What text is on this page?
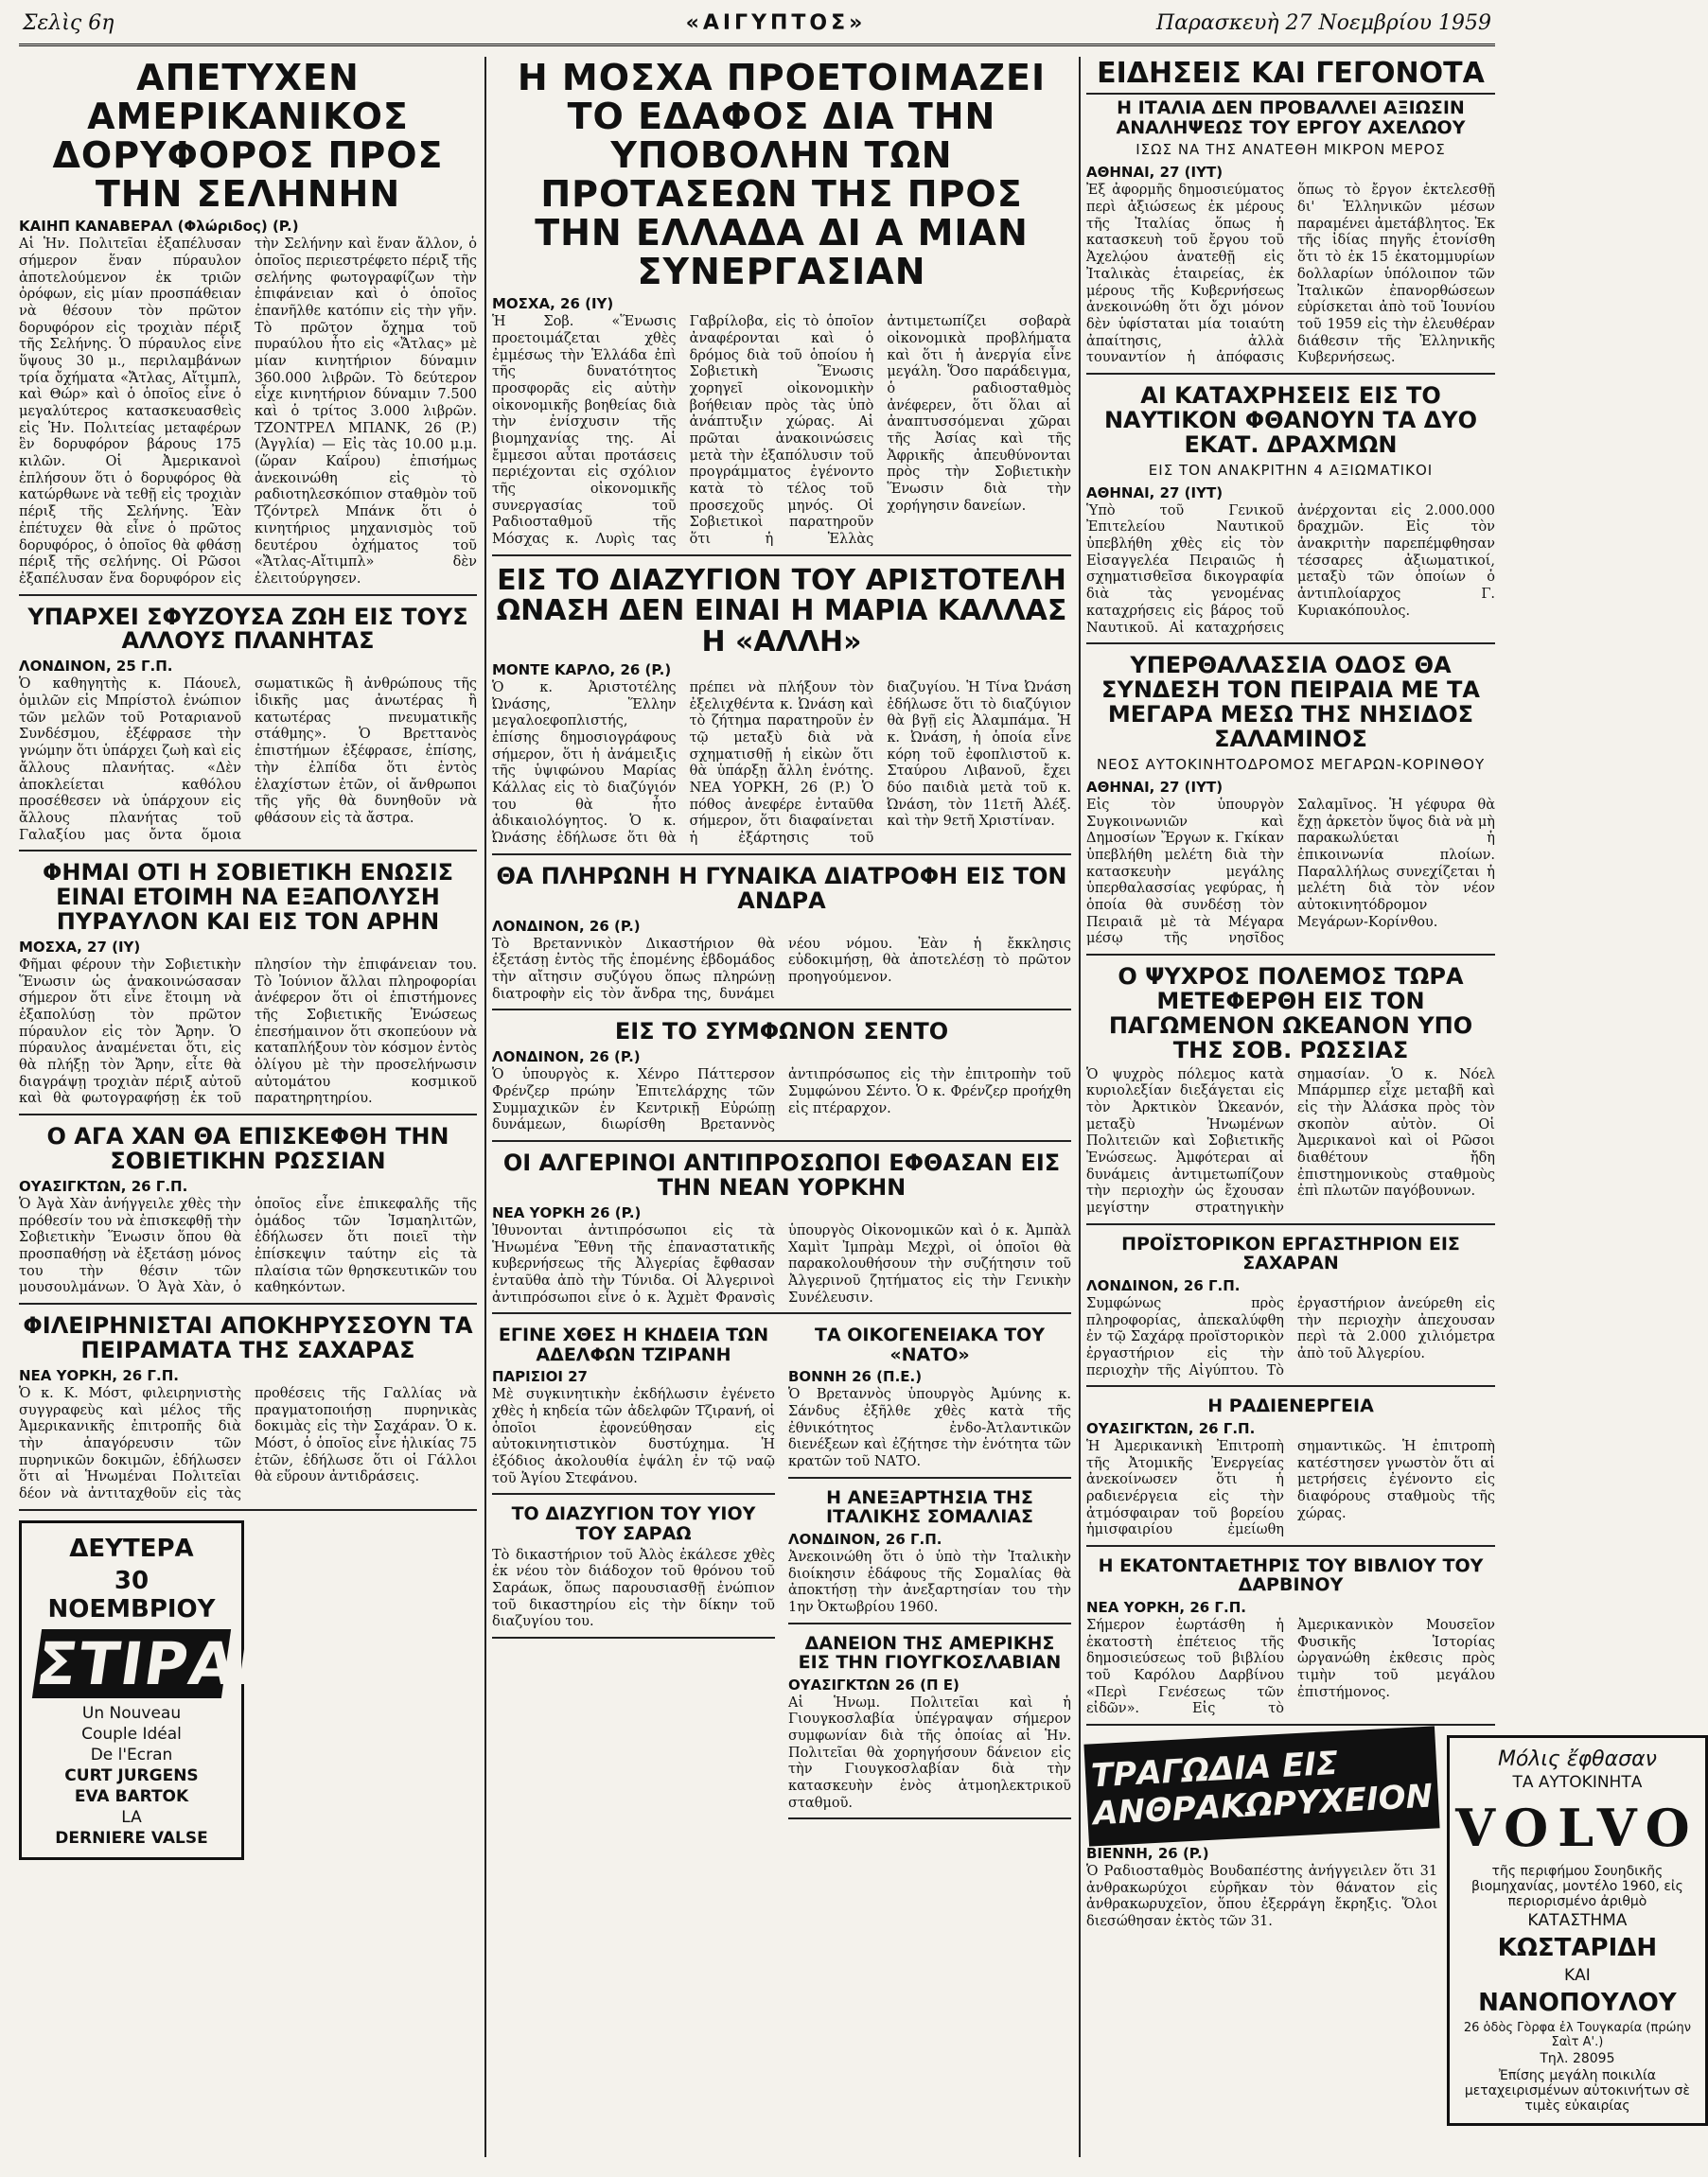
Σελὶς 6η	«ΑΙΓΥΠΤΟΣ»	Παρασκευὴ 27 Νοεμβρίου 1959
ΑΠΕΤΥΧΕΝ ΑΜΕΡΙΚΑΝΙΚΟΣ ΔΟΡΥΦΟΡΟΣ ΠΡΟΣ ΤΗΝ ΣΕΛΗΝΗΝ

ΚΑΙΗΠ ΚΑΝΑΒΕΡΑΛ (Φλώριδος) (P.)

Αἱ Ἡν. Πολιτεῖαι ἐξαπέλυσαν σήμερον ἕναν πύραυλον ἀποτελούμενον ἐκ τριῶν ὀρόφων, εἰς μίαν προσπάθειαν νὰ θέσουν τὸν πρῶτον δορυφόρον εἰς τροχιὰν πέριξ τῆς Σελήνης. Ὁ πύραυλος εἶνε ὕψους 30 μ., περιλαμβάνων τρία ὄχήματα «Ἄτλας, Αἴτιμπλ, καὶ Θώρ» καὶ ὁ ὁποῖος εἶνε ὁ μεγαλύτερος κατασκευασθεὶς εἰς Ἡν. Πολιτείας μεταφέρων ἓν δορυφόρον βάρους 175 κιλῶν. Οἱ Ἀμερικανοὶ ἐπλήσουν ὅτι ὁ δορυφόρος θὰ κατώρθωνε νὰ τεθῇ εἰς τροχιὰν πέριξ τῆς Σελήνης. Ἐὰν ἐπέτυχεν θὰ εἶνε ὁ πρῶτος δορυφόρος, ὁ ὁποῖος θὰ φθάσῃ πέριξ τῆς σελήνης. Οἱ Ρῶσοι ἐξαπέλυσαν ἕνα δορυφόρον εἰς τὴν Σελήνην καὶ ἕναν ἄλλον, ὁ ὁποῖος περιεστρέφετο πέριξ τῆς σελήνης φωτογραφίζων τὴν ἐπιφάνειαν καὶ ὁ ὁποῖος ἐπανῆλθε κατόπιν εἰς τὴν γῆν. Τὸ πρῶτον ὄχημα τοῦ πυραύλου ἦτο εἰς «Ἄτλας» μὲ μίαν κινητήριον δύναμιν 360.000 λιβρῶν. Τὸ δεύτερον εἶχε κινητήριον δύναμιν 7.500 καὶ ὁ τρίτος 3.000 λιβρῶν. ΤΖΟΝΤΡΕΛ ΜΠΑΝΚ, 26 (P.) (Ἀγγλία) — Εἰς τὰς 10.00 μ.μ. (ὥραν Καΐρου) ἐπισήμως ἀνεκοινώθη εἰς τὸ ραδιοτηλεσκόπιον σταθμὸν τοῦ Τζόντρελ Μπάνκ ὅτι ὁ κινητήριος μηχανισμὸς τοῦ δευτέρου ὀχήματος τοῦ «Ἄτλας-Αἴτιμπλ» δὲν ἐλειτούργησεν.

ΥΠΑΡΧΕΙ ΣΦΥΖΟΥΣΑ ΖΩΗ ΕΙΣ ΤΟΥΣ ΑΛΛΟΥΣ ΠΛΑΝΗΤΑΣ

ΛΟΝΔΙΝΟΝ, 25 Γ.Π.

Ὁ καθηγητὴς κ. Πάουελ, ὁμιλῶν εἰς Μπρίστολ ἐνώπιον τῶν μελῶν τοῦ Ροταριανοῦ Συνδέσμου, ἐξέφρασε τὴν γνώμην ὅτι ὑπάρχει ζωὴ καὶ εἰς ἄλλους πλανήτας. «Δὲν ἀποκλείεται καθόλου προσέθεσεν νὰ ὑπάρχουν εἰς ἄλλους πλανήτας τοῦ Γαλαξίου μας ὄντα ὅμοια σωματικῶς ἢ ἀνθρώπους τῆς ἰδικῆς μας ἀνωτέρας ἢ κατωτέρας πνευματικῆς στάθμης». Ὁ Βρεττανὸς ἐπιστήμων ἐξέφρασε, ἐπίσης, τὴν ἐλπίδα ὅτι ἐντὸς ἐλαχίστων ἐτῶν, οἱ ἄνθρωποι τῆς γῆς θὰ δυνηθοῦν νὰ φθάσουν εἰς τὰ ἄστρα.

ΦΗΜΑΙ ΟΤΙ Η ΣΟΒΙΕΤΙΚΗ ΕΝΩΣΙΣ ΕΙΝΑΙ ΕΤΟΙΜΗ ΝΑ ΕΞΑΠΟΛΥΣΗ ΠΥΡΑΥΛΟΝ ΚΑΙ ΕΙΣ ΤΟΝ ΑΡΗΝ

ΜΟΣΧΑ, 27 (ΙΥ)

Φῆμαι φέρουν τὴν Σοβιετικὴν Ἕνωσιν ὡς ἀνακοινώσασαν σήμερον ὅτι εἶνε ἕτοιμη νὰ ἐξαπολύσῃ τὸν πρῶτον πύραυλον εἰς τὸν Ἄρην. Ὁ πύραυλος ἀναμένεται ὅτι, εἰς θὰ πλήξῃ τὸν Ἄρην, εἶτε θὰ διαγράψῃ τροχιὰν πέριξ αὐτοῦ καὶ θὰ φωτογραφήσῃ ἐκ τοῦ πλησίον τὴν ἐπιφάνειαν του. Τὸ Ἰούνιον ἄλλαι πληροφορίαι ἀνέφερον ὅτι οἱ ἐπιστήμονες τῆς Σοβιετικῆς Ἑνώσεως ἐπεσήμαινον ὅτι σκοπεύουν νὰ καταπλήξουν τὸν κόσμον ἐντὸς ὀλίγου μὲ τὴν προσελήνωσιν αὐτομάτου κοσμικοῦ παρατηρητηρίου.

Ο ΑΓΑ ΧΑΝ ΘΑ ΕΠΙΣΚΕΦΘΗ ΤΗΝ ΣΟΒΙΕΤΙΚΗΝ ΡΩΣΣΙΑΝ

ΟΥΑΣΙΓΚΤΩΝ, 26 Γ.Π.

Ὁ Ἀγὰ Χὰν ἀνήγγειλε χθὲς τὴν πρόθεσίν του νὰ ἐπισκεφθῇ τὴν Σοβιετικὴν Ἕνωσιν ὅπου θὰ προσπαθήσῃ νὰ ἐξετάσῃ μόνος του τὴν θέσιν τῶν μουσουλμάνων. Ὁ Ἀγὰ Χὰν, ὁ ὁποῖος εἶνε ἐπικεφαλῆς τῆς ὁμάδος τῶν Ἰσμαηλιτῶν, ἐδήλωσεν ὅτι ποιεῖ τὴν ἐπίσκεψιν ταύτην εἰς τὰ πλαίσια τῶν θρησκευτικῶν του καθηκόντων.

ΦΙΛΕΙΡΗΝΙΣΤΑΙ ΑΠΟΚΗΡΥΣΣΟΥΝ ΤΑ ΠΕΙΡΑΜΑΤΑ ΤΗΣ ΣΑΧΑΡΑΣ

ΝΕΑ ΥΟΡΚΗ, 26 Γ.Π.

Ὁ κ. Κ. Μόστ, φιλειρηνιστὴς συγγραφεὺς καὶ μέλος τῆς Ἀμερικανικῆς ἐπιτροπῆς διὰ τὴν ἀπαγόρευσιν τῶν πυρηνικῶν δοκιμῶν, ἐδήλωσεν ὅτι αἱ Ἡνωμέναι Πολιτεῖαι δέον νὰ ἀντιταχθοῦν εἰς τὰς προθέσεις τῆς Γαλλίας νὰ πραγματοποιήσῃ πυρηνικὰς δοκιμὰς εἰς τὴν Σαχάραν. Ὁ κ. Μόστ, ὁ ὁποῖος εἶνε ἡλικίας 75 ἐτῶν, ἐδήλωσε ὅτι οἱ Γάλλοι θὰ εὕρουν ἀντιδράσεις.

ΔΕΥΤΕΡΑ
30 ΝΟΕΜΒΡΙΟΥ
ΣΤΙΡΑΝΤ
Un Nouveau
Couple Idéal
De l'Ecran
CURT JURGENS
EVA BARTOK
LA
DERNIERE VALSE
Η ΜΟΣΧΑ ΠΡΟΕΤΟΙΜΑΖΕΙ ΤΟ ΕΔΑΦΟΣ ΔΙΑ ΤΗΝ ΥΠΟΒΟΛΗΝ ΤΩΝ ΠΡΟΤΑΣΕΩΝ ΤΗΣ ΠΡΟΣ ΤΗΝ ΕΛΛΑΔΑ ΔΙ Α ΜΙΑΝ ΣΥΝΕΡΓΑΣΙΑΝ

ΜΟΣΧΑ, 26 (ΙΥ)

Ἡ Σοβ. «Ἕνωσις προετοιμάζεται χθὲς ἐμμέσως τὴν Ἑλλάδα ἐπὶ τῆς δυνατότητος προσφορᾶς εἰς αὐτὴν οἰκονομικῆς βοηθείας διὰ τὴν ἐνίσχυσιν τῆς βιομηχανίας της. Αἱ ἔμμεσοι αὗται προτάσεις περιέχονται εἰς σχόλιον τῆς οἰκονομικῆς συνεργασίας τοῦ Ραδιοσταθμοῦ τῆς Μόσχας κ. Λυρὶς τας Γαβρίλοβα, εἰς τὸ ὁποῖον ἀναφέρονται καὶ ὁ δρόμος διὰ τοῦ ὁποίου ἡ Σοβιετικὴ Ἕνωσις χορηγεῖ οἰκονομικὴν βοήθειαν πρὸς τὰς ὑπὸ ἀνάπτυξιν χώρας. Αἱ πρῶται ἀνακοινώσεις μετὰ τὴν ἐξαπόλυσιν τοῦ προγράμματος ἐγένοντο κατὰ τὸ τέλος τοῦ προσεχοῦς μηνός. Οἱ Σοβιετικοὶ παρατηροῦν ὅτι ἡ Ἑλλὰς ἀντιμετωπίζει σοβαρὰ οἰκονομικὰ προβλήματα καὶ ὅτι ἡ ἀνεργία εἶνε μεγάλη. Ὅσο παράδειγμα, ὁ ραδιοσταθμὸς ἀνέφερεν, ὅτι ὅλαι αἱ ἀναπτυσσόμεναι χῶραι τῆς Ἀσίας καὶ τῆς Ἀφρικῆς ἀπευθύνονται πρὸς τὴν Σοβιετικὴν Ἕνωσιν διὰ τὴν χορήγησιν δανείων.

ΕΙΣ ΤΟ ΔΙΑΖΥΓΙΟΝ ΤΟΥ ΑΡΙΣΤΟΤΕΛΗ ΩΝΑΣΗ ΔΕΝ ΕΙΝΑΙ Η ΜΑΡΙΑ ΚΑΛΛΑΣ Η «ΑΛΛΗ»

ΜΟΝΤΕ ΚΑΡΛΟ, 26 (P.)

Ὁ κ. Ἀριστοτέλης Ὠνάσης, Ἕλλην μεγαλοεφοπλιστής, ἐπίσης δημοσιογράφους σήμερον, ὅτι ἡ ἀνάμειξις τῆς ὑψιφώνου Μαρίας Κάλλας εἰς τὸ διαζύγιόν του θὰ ἦτο ἀδικαιολόγητος. Ὁ κ. Ὠνάσης ἐδήλωσε ὅτι θὰ πρέπει νὰ πλήξουν τὸν ἐξελιχθέντα κ. Ὠνάση καὶ τὸ ζήτημα παρατηροῦν ἐν τῷ μεταξὺ διὰ νὰ σχηματισθῇ ἡ εἰκὼν ὅτι θὰ ὑπάρξῃ ἄλλη ἑνότης. ΝΕΑ ΥΟΡΚΗ, 26 (P.) Ὁ πόθος ἀνεφέρε ἐνταῦθα σήμερον, ὅτι διαφαίνεται ἡ ἐξάρτησις τοῦ διαζυγίου. Ἡ Τίνα Ὠνάση ἐδήλωσε ὅτι τὸ διαζύγιον θὰ βγῇ εἰς Ἀλαμπάμα. Ἡ κ. Ὠνάση, ἡ ὁποία εἶνε κόρη τοῦ ἐφοπλιστοῦ κ. Σταύρου Λιβανοῦ, ἔχει δύο παιδιὰ μετὰ τοῦ κ. Ὠνάση, τὸν 11ετῆ Ἀλέξ. καὶ τὴν 9ετῆ Χριστίναν.

ΘΑ ΠΛΗΡΩΝΗ Η ΓΥΝΑΙΚΑ ΔΙΑΤΡΟΦΗ ΕΙΣ ΤΟΝ ΑΝΔΡΑ

ΛΟΝΔΙΝΟΝ, 26 (P.)

Τὸ Βρεταννικὸν Δικαστήριον θὰ ἐξετάσῃ ἐντὸς τῆς ἑπομένης ἑβδομάδος τὴν αἴτησιν συζύγου ὅπως πληρώνῃ διατροφὴν εἰς τὸν ἄνδρα της, δυνάμει νέου νόμου. Ἐὰν ἡ ἔκκλησις εὐδοκιμήσῃ, θὰ ἀποτελέσῃ τὸ πρῶτον προηγούμενον.

ΕΙΣ ΤΟ ΣΥΜΦΩΝΟΝ ΣΕΝΤΟ

ΛΟΝΔΙΝΟΝ, 26 (P.)

Ὁ ὑπουργὸς κ. Χένρο Πάττερσον Φρένζερ πρώην Ἐπιτελάρχης τῶν Συμμαχικῶν ἐν Κεντρικῇ Εὐρώπῃ δυνάμεων, διωρίσθη Βρεταννὸς ἀντιπρόσωπος εἰς τὴν ἐπιτροπὴν τοῦ Συμφώνου Σέντο. Ὁ κ. Φρένζερ προήχθη εἰς πτέραρχον.

ΟΙ ΑΛΓΕΡΙΝΟΙ ΑΝΤΙΠΡΟΣΩΠΟΙ ΕΦΘΑΣΑΝ ΕΙΣ ΤΗΝ ΝΕΑΝ ΥΟΡΚΗΝ

ΝΕΑ ΥΟΡΚΗ 26 (P.)

Ἰθυνονται ἀντιπρόσωποι εἰς τὰ Ἡνωμένα Ἔθνη τῆς ἐπαναστατικῆς κυβερνήσεως τῆς Ἀλγερίας ἔφθασαν ἐνταῦθα ἀπὸ τὴν Τύνιδα. Οἱ Ἀλγερινοὶ ἀντιπρόσωποι εἶνε ὁ κ. Ἀχμὲτ Φρανσὶς ὑπουργὸς Οἰκονομικῶν καὶ ὁ κ. Ἀμπὰλ Χαμὶτ Ἰμπρὰμ Μεχρὶ, οἱ ὁποῖοι θὰ παρακολουθήσουν τὴν συζήτησιν τοῦ Ἀλγερινοῦ ζητήματος εἰς τὴν Γενικὴν Συνέλευσιν.

ΕΓΙΝΕ ΧΘΕΣ Η ΚΗΔΕΙΑ ΤΩΝ ΑΔΕΛΦΩΝ ΤΖΙΡΑΝΗ

ΠΑΡΙΣΙΟΙ 27

Μὲ συγκινητικὴν ἐκδήλωσιν ἐγένετο χθὲς ἡ κηδεία τῶν ἀδελφῶν Τζιρανή, οἱ ὁποῖοι ἐφονεύθησαν εἰς αὐτοκινητιστικὸν δυστύχημα. Ἡ ἐξόδιος ἀκολουθία ἐψάλη ἐν τῷ ναῷ τοῦ Ἁγίου Στεφάνου.

ΤΟ ΔΙΑΖΥΓΙΟΝ ΤΟΥ ΥΙΟΥ ΤΟΥ ΣΑΡΑΩ

Τὸ δικαστήριον τοῦ Ἀλὸς ἐκάλεσε χθὲς ἐκ νέου τὸν διάδοχον τοῦ θρόνου τοῦ Σαράωκ, ὅπως παρουσιασθῇ ἐνώπιον τοῦ δικαστηρίου εἰς τὴν δίκην τοῦ διαζυγίου του.

ΤΑ ΟΙΚΟΓΕΝΕΙΑΚΑ ΤΟΥ «ΝΑΤΟ»

ΒΟΝΝΗ 26 (Π.Ε.)

Ὁ Βρεταννὸς ὑπουργὸς Ἀμύνης κ. Σάνδυς ἐξῆλθε χθὲς κατὰ τῆς ἐθνικότητος ἐνδο-Ἀτλαντικῶν διενέξεων καὶ ἐζήτησε τὴν ἑνότητα τῶν κρατῶν τοῦ ΝΑΤΟ.

Η ΑΝΕΞΑΡΤΗΣΙΑ ΤΗΣ ΙΤΑΛΙΚΗΣ ΣΟΜΑΛΙΑΣ

ΛΟΝΔΙΝΟΝ, 26 Γ.Π.

Ἀνεκοινώθη ὅτι ὁ ὑπὸ τὴν Ἰταλικὴν διοίκησιν ἐδάφους τῆς Σομαλίας θὰ ἀποκτήσῃ τὴν ἀνεξαρτησίαν του τὴν 1ην Ὀκτωβρίου 1960.

ΔΑΝΕΙΟΝ ΤΗΣ ΑΜΕΡΙΚΗΣ ΕΙΣ ΤΗΝ ΓΙΟΥΓΚΟΣΛΑΒΙΑΝ

ΟΥΑΣΙΓΚΤΩΝ 26 (Π Ε)

Αἱ Ἡνωμ. Πολιτεῖαι καὶ ἡ Γιουγκοσλαβία ὑπέγραψαν σήμερον συμφωνίαν διὰ τῆς ὁποίας αἱ Ἡν. Πολιτεῖαι θὰ χορηγήσουν δάνειον εἰς τὴν Γιουγκοσλαβίαν διὰ τὴν κατασκευὴν ἑνὸς ἀτμοηλεκτρικοῦ σταθμοῦ.

ΕΙΔΗΣΕΙΣ ΚΑΙ ΓΕΓΟΝΟΤΑ
Η ΙΤΑΛΙΑ ΔΕΝ ΠΡΟΒΑΛΛΕΙ ΑΞΙΩΣΙΝ ΑΝΑΛΗΨΕΩΣ ΤΟΥ ΕΡΓΟΥ ΑΧΕΛΩΟΥ
ΙΣΩΣ ΝΑ ΤΗΣ ΑΝΑΤΕΘΗ ΜΙΚΡΟΝ ΜΕΡΟΣ

ΑΘΗΝΑΙ, 27 (ΙΥΤ)

Ἐξ ἀφορμῆς δημοσιεύματος περὶ ἀξιώσεως ἐκ μέρους τῆς Ἰταλίας ὅπως ἡ κατασκευὴ τοῦ ἔργου τοῦ Ἀχελῴου ἀνατεθῇ εἰς Ἰταλικὰς ἑταιρείας, ἐκ μέρους τῆς Κυβερνήσεως ἀνεκοινώθη ὅτι ὄχι μόνον δὲν ὑφίσταται μία τοιαύτη ἀπαίτησις, ἀλλὰ τουναντίον ἡ ἀπόφασις ὅπως τὸ ἔργον ἐκτελεσθῇ δι' Ἑλληνικῶν μέσων παραμένει ἀμετάβλητος. Ἐκ τῆς ἰδίας πηγῆς ἐτονίσθη ὅτι τὸ ἐκ 15 ἑκατομμυρίων δολλαρίων ὑπόλοιπον τῶν Ἰταλικῶν ἐπανορθώσεων εὑρίσκεται ἀπὸ τοῦ Ἰουνίου τοῦ 1959 εἰς τὴν ἐλευθέραν διάθεσιν τῆς Ἑλληνικῆς Κυβερνήσεως.

ΑΙ ΚΑΤΑΧΡΗΣΕΙΣ ΕΙΣ ΤΟ ΝΑΥΤΙΚΟΝ ΦΘΑΝΟΥΝ ΤΑ ΔΥΟ ΕΚΑΤ. ΔΡΑΧΜΩΝ
ΕΙΣ ΤΟΝ ΑΝΑΚΡΙΤΗΝ 4 ΑΞΙΩΜΑΤΙΚΟΙ

ΑΘΗΝΑΙ, 27 (ΙΥΤ)

Ὑπὸ τοῦ Γενικοῦ Ἐπιτελείου Ναυτικοῦ ὑπεβλήθη χθὲς εἰς τὸν Εἰσαγγελέα Πειραιῶς ἡ σχηματισθεῖσα δικογραφία διὰ τὰς γενομένας καταχρήσεις εἰς βάρος τοῦ Ναυτικοῦ. Αἱ καταχρήσεις ἀνέρχονται εἰς 2.000.000 δραχμῶν. Εἰς τὸν ἀνακριτὴν παρεπέμφθησαν τέσσαρες ἀξιωματικοί, μεταξὺ τῶν ὁποίων ὁ ἀντιπλοίαρχος Γ. Κυριακόπουλος.

ΥΠΕΡΘΑΛΑΣΣΙΑ ΟΔΟΣ ΘΑ ΣΥΝΔΕΣΗ ΤΟΝ ΠΕΙΡΑΙΑ ΜΕ ΤΑ ΜΕΓΑΡΑ ΜΕΣΩ ΤΗΣ ΝΗΣΙΔΟΣ ΣΑΛΑΜΙΝΟΣ
ΝΕΟΣ ΑΥΤΟΚΙΝΗΤΟΔΡΟΜΟΣ ΜΕΓΑΡΩΝ-ΚΟΡΙΝΘΟΥ

ΑΘΗΝΑΙ, 27 (ΙΥΤ)

Εἰς τὸν ὑπουργὸν Συγκοινωνιῶν καὶ Δημοσίων Ἔργων κ. Γκίκαν ὑπεβλήθη μελέτη διὰ τὴν κατασκευὴν μεγάλης ὑπερθαλασσίας γεφύρας, ἡ ὁποία θὰ συνδέσῃ τὸν Πειραιᾶ μὲ τὰ Μέγαρα μέσῳ τῆς νησῖδος Σαλαμῖνος. Ἡ γέφυρα θὰ ἔχῃ ἀρκετὸν ὕψος διὰ νὰ μὴ παρακωλύεται ἡ ἐπικοινωνία πλοίων. Παραλλήλως συνεχίζεται ἡ μελέτη διὰ τὸν νέον αὐτοκινητόδρομον Μεγάρων-Κορίνθου.

Ο ΨΥΧΡΟΣ ΠΟΛΕΜΟΣ ΤΩΡΑ ΜΕΤΕΦΕΡΘΗ ΕΙΣ ΤΟΝ ΠΑΓΩΜΕΝΟΝ ΩΚΕΑΝΟΝ ΥΠΟ ΤΗΣ ΣΟΒ. ΡΩΣΣΙΑΣ

Ὁ ψυχρὸς πόλεμος κατὰ κυριολεξίαν διεξάγεται εἰς τὸν Ἀρκτικὸν Ὠκεανόν, μεταξὺ Ἡνωμένων Πολιτειῶν καὶ Σοβιετικῆς Ἑνώσεως. Ἀμφότεραι αἱ δυνάμεις ἀντιμετωπίζουν τὴν περιοχὴν ὡς ἔχουσαν μεγίστην στρατηγικὴν σημασίαν. Ὁ κ. Νόελ Μπάρμπερ εἶχε μεταβῆ καὶ εἰς τὴν Ἀλάσκα πρὸς τὸν σκοπὸν αὐτὸν. Οἱ Ἀμερικανοὶ καὶ οἱ Ρῶσοι διαθέτουν ἤδη ἐπιστημονικοὺς σταθμοὺς ἐπὶ πλωτῶν παγόβουνων.

ΠΡΟΪΣΤΟΡΙΚΟΝ ΕΡΓΑΣΤΗΡΙΟΝ ΕΙΣ ΣΑΧΑΡΑΝ

ΛΟΝΔΙΝΟΝ, 26 Γ.Π.

Συμφώνως πρὸς πληροφορίας, ἀπεκαλύφθη ἐν τῷ Σαχάρᾳ προϊστορικὸν ἐργαστήριον εἰς τὴν περιοχὴν τῆς Αἰγύπτου. Τὸ ἐργαστήριον ἀνεύρεθη εἰς τὴν περιοχὴν ἀπεχουσαν περὶ τὰ 2.000 χιλιόμετρα ἀπὸ τοῦ Ἀλγερίου.

Η ΡΑΔΙΕΝΕΡΓΕΙΑ

ΟΥΑΣΙΓΚΤΩΝ, 26 Γ.Π.

Ἡ Ἀμερικανικὴ Ἐπιτροπὴ τῆς Ἀτομικῆς Ἐνεργείας ἀνεκοίνωσεν ὅτι ἡ ραδιενέργεια εἰς τὴν ἀτμόσφαιραν τοῦ βορείου ἡμισφαιρίου ἐμείωθη σημαντικῶς. Ἡ ἐπιτροπὴ κατέστησεν γνωστὸν ὅτι αἱ μετρήσεις ἐγένοντο εἰς διαφόρους σταθμοὺς τῆς χώρας.

Η ΕΚΑΤΟΝΤΑΕΤΗΡΙΣ ΤΟΥ ΒΙΒΛΙΟΥ ΤΟΥ ΔΑΡΒΙΝΟΥ

ΝΕΑ ΥΟΡΚΗ, 26 Γ.Π.

Σήμερον ἐωρτάσθη ἡ ἑκατοστὴ ἐπέτειος τῆς δημοσιεύσεως τοῦ βιβλίου τοῦ Καρόλου Δαρβίνου «Περὶ Γενέσεως τῶν εἰδῶν». Εἰς τὸ Ἀμερικανικὸν Μουσεῖον Φυσικῆς Ἱστορίας ὠργανώθη ἐκθεσις πρὸς τιμὴν τοῦ μεγάλου ἐπιστήμονος.

ΤΡΑΓΩΔΙΑ ΕΙΣ ΑΝΘΡΑΚΩΡΥΧΕΙΟΝ

ΒΙΕΝΝΗ, 26 (P.)

Ὁ Ραδιοσταθμὸς Βουδαπέστης ἀνήγγειλεν ὅτι 31 ἀνθρακωρύχοι εὑρῆκαν τὸν θάνατον εἰς ἀνθρακωρυχεῖον, ὅπου ἐξερράγη ἔκρηξις. Ὅλοι διεσώθησαν ἐκτὸς τῶν 31.

Μόλις ἔφθασαν
ΤΑ ΑΥΤΟΚΙΝΗΤΑ
VOLVO
τῆς περιφήμου Σουηδικῆς βιομηχανίας, μοντέλο 1960, εἰς περιορισμένο ἀριθμὸ
ΚΑΤΑΣΤΗΜΑ
ΚΩΣΤΑΡΙΔΗ
ΚΑΙ
ΝΑΝΟΠΟΥΛΟΥ
26 ὁδὸς Γὸρφα ἐλ Τουγκαρία (πρώην Σαὶτ Α'.)
Τηλ. 28095
Ἐπίσης μεγάλη ποικιλία μεταχειρισμένων αὐτοκινήτων σὲ τιμὲς εὐκαιρίας
